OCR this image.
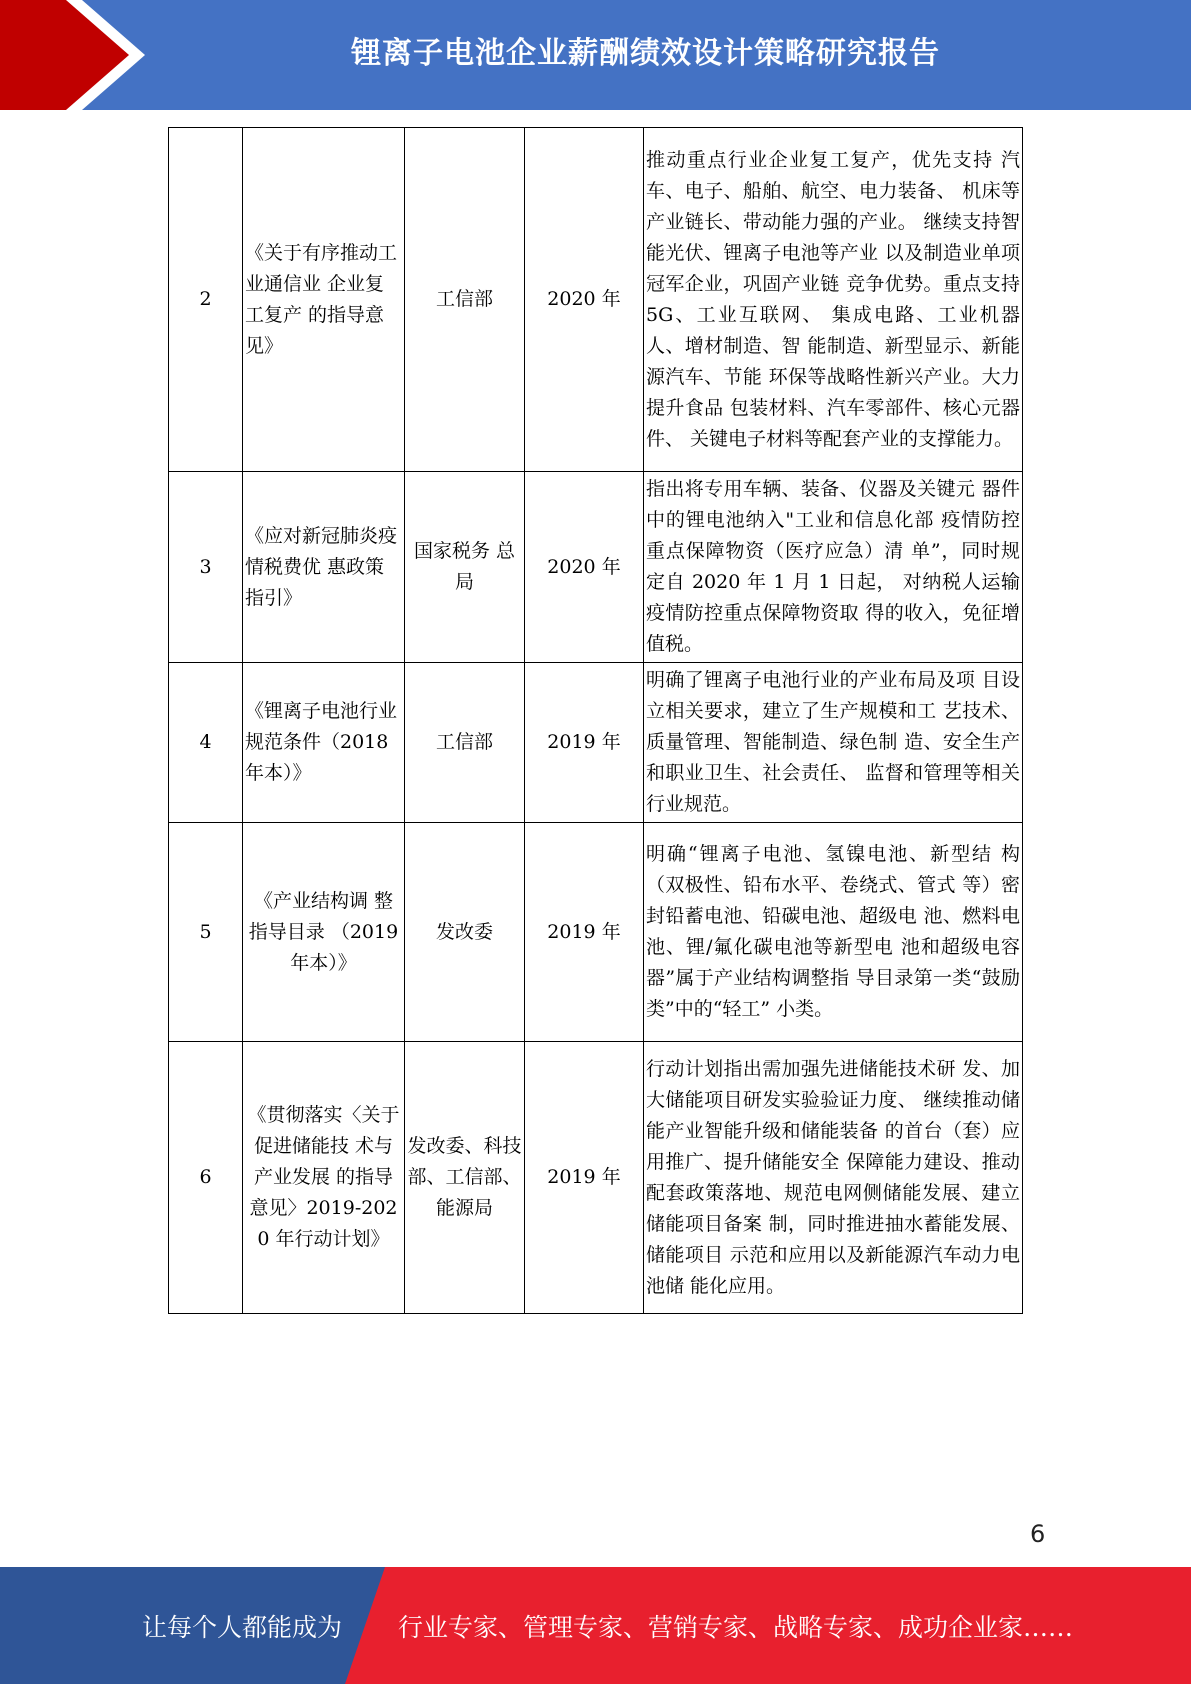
锂离子电池企业薪酬绩效设计策略研究报告
2	《关于有序推动工业通信业 企业复工复产 的指导意见》	工信部	2020 年	推动重点行业企业复工复产，优先支持 汽车、电子、船舶、航空、电力装备、 机床等产业链长、带动能力强的产业。 继续支持智能光伏、锂离子电池等产业 以及制造业单项冠军企业，巩固产业链 竞争优势。重点支持 5G、工业互联网、 集成电路、工业机器人、增材制造、智 能制造、新型显示、新能源汽车、节能 环保等战略性新兴产业。大力提升食品 包装材料、汽车零部件、核心元器件、 关键电子材料等配套产业的支撑能力。
3	《应对新冠肺炎疫情税费优 惠政策指引》	国家税务 总局	2020 年	指出将专用车辆、装备、仪器及关键元 器件中的锂电池纳入"工业和信息化部 疫情防控重点保障物资（医疗应急）清 单”，同时规定自 2020 年 1 月 1 日起， 对纳税人运输疫情防控重点保障物资取 得的收入，免征增值税。
4	《锂离子电池行业规范条件（2018 年本）》	工信部	2019 年	明确了锂离子电池行业的产业布局及项 目设立相关要求，建立了生产规模和工 艺技术、质量管理、智能制造、绿色制 造、安全生产和职业卫生、社会责任、 监督和管理等相关行业规范。
5	《产业结构调 整指导目录 （2019 年本）》	发改委	2019 年	明确“锂离子电池、氢镍电池、新型结 构（双极性、铅布水平、卷绕式、管式 等）密封铅蓄电池、铅碳电池、超级电 池、燃料电池、锂/氟化碳电池等新型电 池和超级电容器”属于产业结构调整指 导目录第一类“鼓励类”中的“轻工” 小类。
6	《贯彻落实〈关于促进储能技 术与产业发展 的指导意见〉2019-2020 年行动计划》	发改委、科技部、工信部、能源局	2019 年	行动计划指出需加强先进储能技术研 发、加大储能项目研发实验验证力度、 继续推动储能产业智能升级和储能装备 的首台（套）应用推广、提升储能安全 保障能力建设、推动配套政策落地、规范电网侧储能发展、建立储能项目备案 制，同时推进抽水蓄能发展、储能项目 示范和应用以及新能源汽车动力电池储 能化应用。
6
让每个人都能成为 行业专家、管理专家、营销专家、战略专家、成功企业家……
